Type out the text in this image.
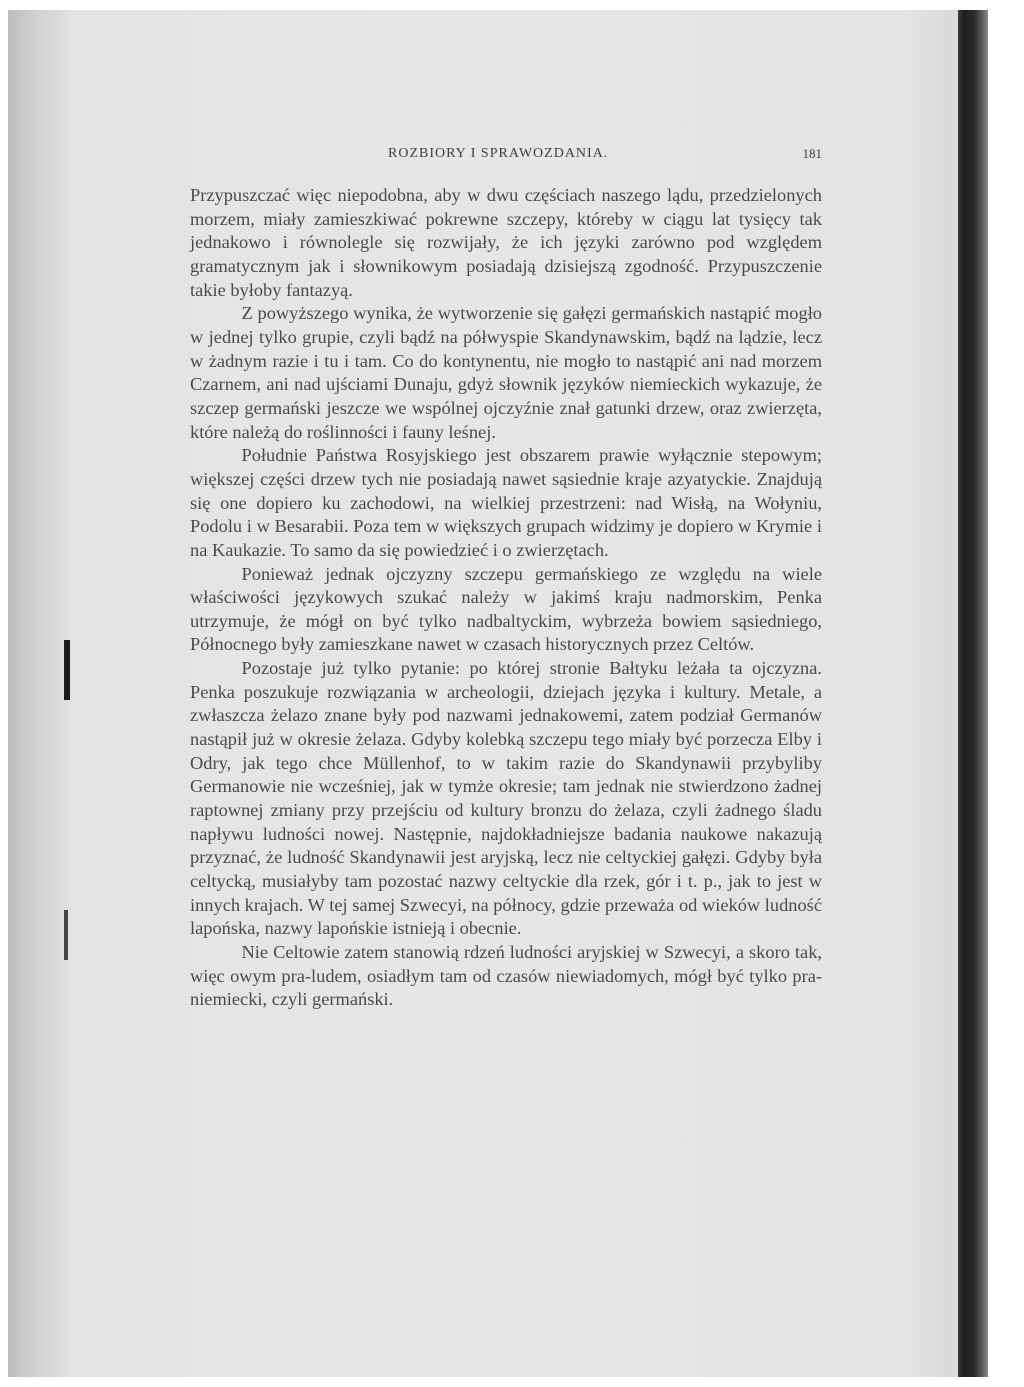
ROZBIORY I SPRAWOZDANIA.	181

Przypuszczać więc niepodobna, aby w dwu częściach naszego lądu, przedzielonych morzem, miały zamieszkiwać pokrewne szczepy, któreby w ciągu lat tysięcy tak jednakowo i równolegle się rozwijały, że ich języki zarówno pod względem gramatycznym jak i słownikowym posiadają dzisiejszą zgodność. Przypuszczenie takie byłoby fantazyą.

Z powyższego wynika, że wytworzenie się gałęzi germańskich nastąpić mogło w jednej tylko grupie, czyli bądź na półwyspie Skandynawskim, bądź na lądzie, lecz w żadnym razie i tu i tam. Co do kontynentu, nie mogło to nastąpić ani nad morzem Czarnem, ani nad ujściami Dunaju, gdyż słownik języków niemieckich wykazuje, że szczep germański jeszcze we wspólnej ojczyźnie znał gatunki drzew, oraz zwierzęta, które należą do roślinności i fauny leśnej.

Południe Państwa Rosyjskiego jest obszarem prawie wyłącznie stepowym; większej części drzew tych nie posiadają nawet sąsiednie kraje azyatyckie. Znajdują się one dopiero ku zachodowi, na wielkiej przestrzeni: nad Wisłą, na Wołyniu, Podolu i w Besarabii. Poza tem w większych grupach widzimy je dopiero w Krymie i na Kaukazie. To samo da się powiedzieć i o zwierzętach.

Ponieważ jednak ojczyzny szczepu germańskiego ze względu na wiele właściwości językowych szukać należy w jakimś kraju nadmorskim, Penka utrzymuje, że mógł on być tylko nadbaltyckim, wybrzeża bowiem sąsiedniego, Północnego były zamieszkane nawet w czasach historycznych przez Celtów.

Pozostaje już tylko pytanie: po której stronie Bałtyku leżała ta ojczyzna. Penka poszukuje rozwiązania w archeologii, dziejach języka i kultury. Metale, a zwłaszcza żelazo znane były pod nazwami jednakowemi, zatem podział Germanów nastąpił już w okresie żelaza. Gdyby kolebką szczepu tego miały być porzecza Elby i Odry, jak tego chce Müllenhof, to w takim razie do Skandynawii przybyliby Germanowie nie wcześniej, jak w tymże okresie; tam jednak nie stwierdzono żadnej raptownej zmiany przy przejściu od kultury bronzu do żelaza, czyli żadnego śladu napływu ludności nowej. Następnie, najdokładniejsze badania naukowe nakazują przyznać, że ludność Skandynawii jest aryjską, lecz nie celtyckiej gałęzi. Gdyby była celtycką, musiałyby tam pozostać nazwy celtyckie dla rzek, gór i t. p., jak to jest w innych krajach. W tej samej Szwecyi, na północy, gdzie przeważa od wieków ludność lapońska, nazwy lapońskie istnieją i obecnie.

Nie Celtowie zatem stanowią rdzeń ludności aryjskiej w Szwecyi, a skoro tak, więc owym pra-ludem, osiadłym tam od czasów niewiadomych, mógł być tylko pra-niemiecki, czyli germański.
